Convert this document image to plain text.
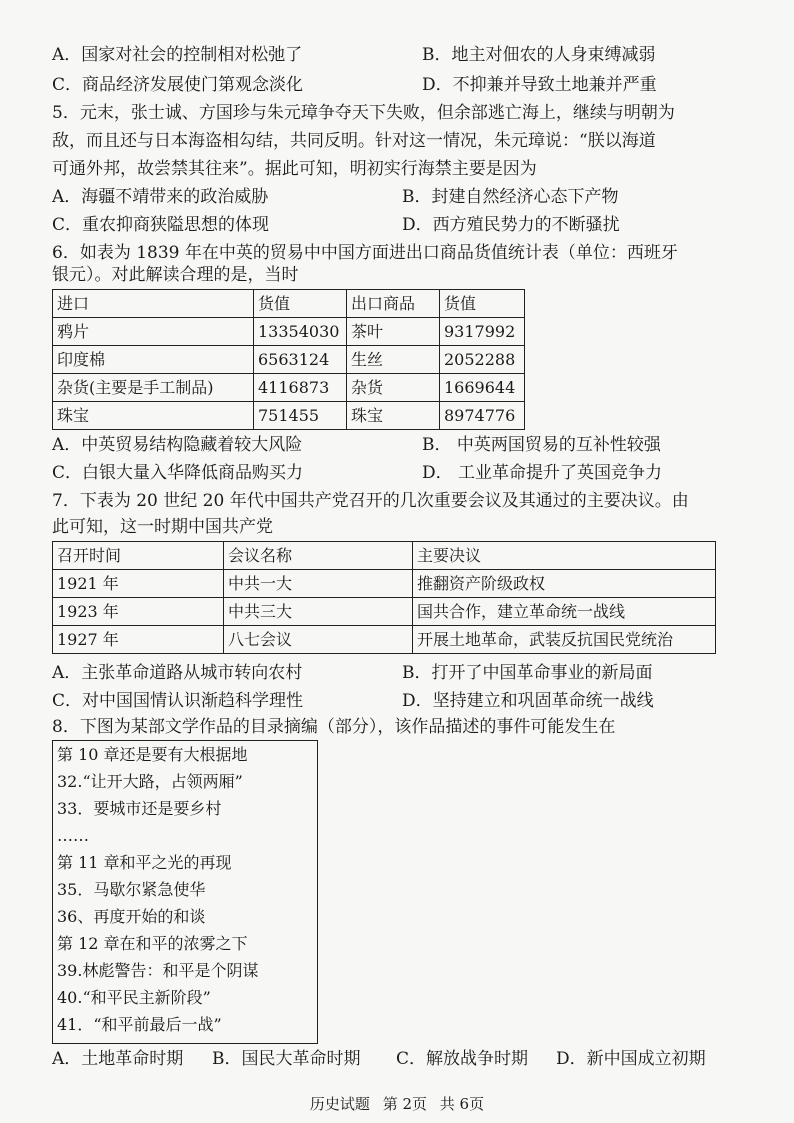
A．国家对社会的控制相对松弛了	B．地主对佃农的人身束缚减弱
C．商品经济发展使门第观念淡化	D．不抑兼并导致土地兼并严重
5．元末，张士诚、方国珍与朱元璋争夺天下失败，但余部逃亡海上，继续与明朝为
敌，而且还与日本海盗相勾结，共同反明。针对这一情况，朱元璋说：“朕以海道
可通外邦，故尝禁其往来”。据此可知，明初实行海禁主要是因为
A．海疆不靖带来的政治威胁	B．封建自然经济心态下产物
C．重农抑商狭隘思想的体现	D．西方殖民势力的不断骚扰
6．如表为 1839 年在中英的贸易中中国方面进出口商品货值统计表（单位：西班牙
银元）。对此解读合理的是，当时
进口	货值	出口商品	货值
鸦片	13354030	茶叶	9317992
印度棉	6563124	生丝	2052288
杂货(主要是手工制品)	4116873	杂货	1669644
珠宝	751455	珠宝	8974776
A．中英贸易结构隐藏着较大风险	B． 中英两国贸易的互补性较强
C．白银大量入华降低商品购买力	D． 工业革命提升了英国竞争力
7．下表为 20 世纪 20 年代中国共产党召开的几次重要会议及其通过的主要决议。由
此可知，这一时期中国共产党
召开时间	会议名称	主要决议
1921 年	中共一大	推翻资产阶级政权
1923 年	中共三大	国共合作，建立革命统一战线
1927 年	八七会议	开展土地革命，武装反抗国民党统治
A．主张革命道路从城市转向农村	B．打开了中国革命事业的新局面
C．对中国国情认识渐趋科学理性	D．坚持建立和巩固革命统一战线
8．下图为某部文学作品的目录摘编（部分），该作品描述的事件可能发生在
第 10 章还是要有大根据地
32.“让开大路，占领两厢”
33．要城市还是要乡村
……
第 11 章和平之光的再现
35．马歇尔紧急使华
36、再度开始的和谈
第 12 章在和平的浓雾之下
39.林彪警告：和平是个阴谋
40.“和平民主新阶段”
41．“和平前最后一战”
A．土地革命时期 B．国民大革命时期 C．解放战争时期 D．新中国成立初期
历史试题 第 2页 共 6页
